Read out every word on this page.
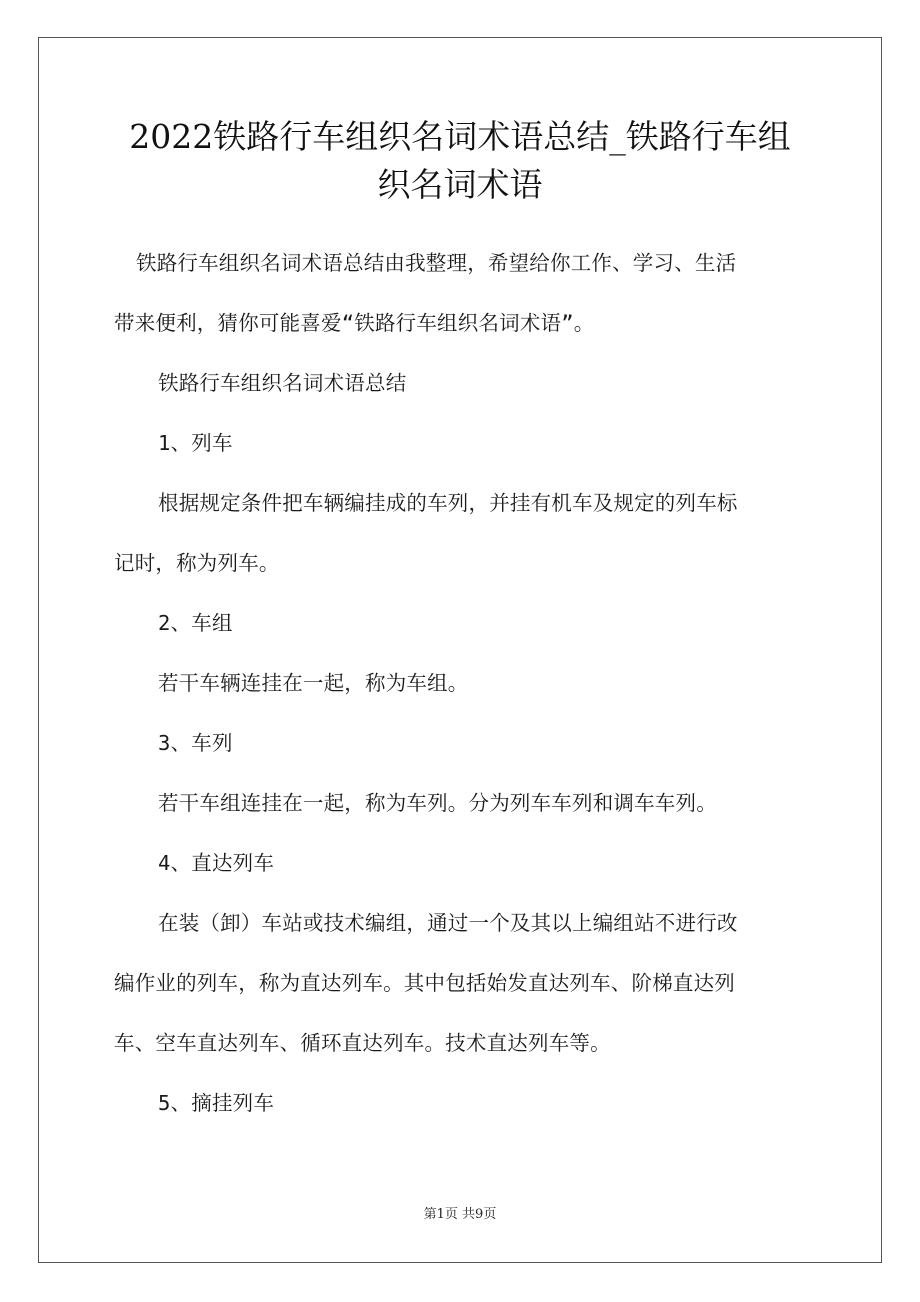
2022铁路行车组织名词术语总结_铁路行车组
织名词术语

铁路行车组织名词术语总结由我整理，希望给你工作、学习、生活

带来便利，猜你可能喜爱“铁路行车组织名词术语”。

铁路行车组织名词术语总结

1、列车

根据规定条件把车辆编挂成的车列，并挂有机车及规定的列车标

记时，称为列车。

2、车组

若干车辆连挂在一起，称为车组。

3、车列

若干车组连挂在一起，称为车列。分为列车车列和调车车列。

4、直达列车

在装（卸）车站或技术编组，通过一个及其以上编组站不进行改

编作业的列车，称为直达列车。其中包括始发直达列车、阶梯直达列

车、空车直达列车、循环直达列车。技术直达列车等。

5、摘挂列车

第1页 共9页
